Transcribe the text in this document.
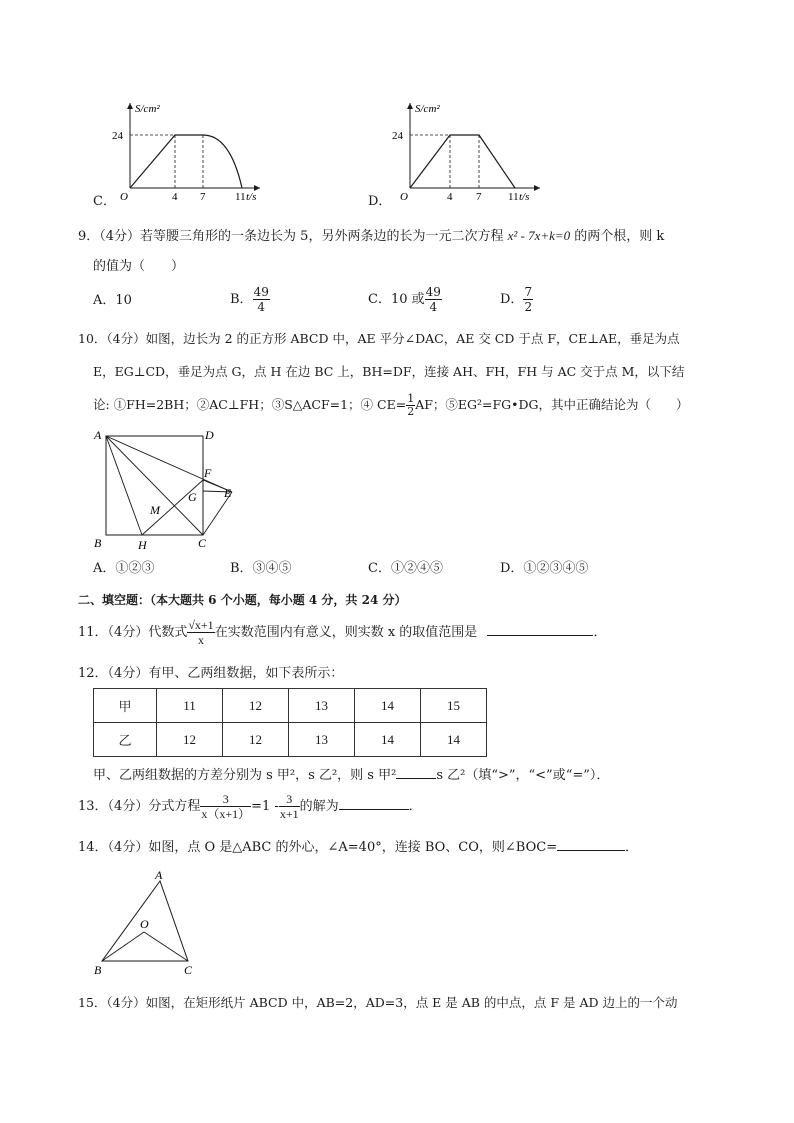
C．
S/cm²
24
O	4 7	11 t/s	D．
S/cm²
24
O	4 7 11 t/s
9．（4分）若等腰三角形的一条边长为 5，另外两条边的长为一元二次方程 x² - 7x+k=0 的两个根，则 k
的值为（　　）
A．10	B． $\frac{49}{4}$	C．10 或 $\frac{49}{4}$	D． $\frac{7}{2}$
10．（4分）如图，边长为 2 的正方形 ABCD 中，AE 平分∠DAC，AE 交 CD 于点 F，CE⊥AE，垂足为点
E，EG⊥CD，垂足为点 G，点 H 在边 BC 上，BH=DF，连接 AH、FH，FH 与 AC 交于点 M，以下结
论: ①FH=2BH；②AC⊥FH；③S△ACF=1；④ $CE= \frac{1}{2}$ AF；⑤EG²=FG•DG，其中正确结论为（　　）
A	D
B	C
H
F
G E
M
A．①②③	B．③④⑤	C．①②④⑤	D．①②③④⑤
二、填空题：（本大题共 6 个小题，每小题 4 分，共 24 分）
11．（4分）代数式 $\frac{√x+1}{x}$ 在实数范围内有意义，则实数 x 的取值范围是	．
12．（4分）有甲、乙两组数据，如下表所示：
甲	11	12	13	14	15
乙	12	12	13	14	14
甲、乙两组数据的方差分别为 s 甲²，s 乙²，则 s 甲²	s 乙²（填“>”，“<”或“=”）．
13．（4分）分式方程 $\frac{3}{x(x+1)} =1 - \frac{3}{x+1}$ 的解为	．
14．（4分）如图，点 O 是△ABC 的外心，∠A=40°，连接 BO、CO，则∠BOC=	．
A
B	C
O
15．（4分）如图，在矩形纸片 ABCD 中，AB=2，AD=3，点 E 是 AB 的中点，点 F 是 AD 边上的一个动
